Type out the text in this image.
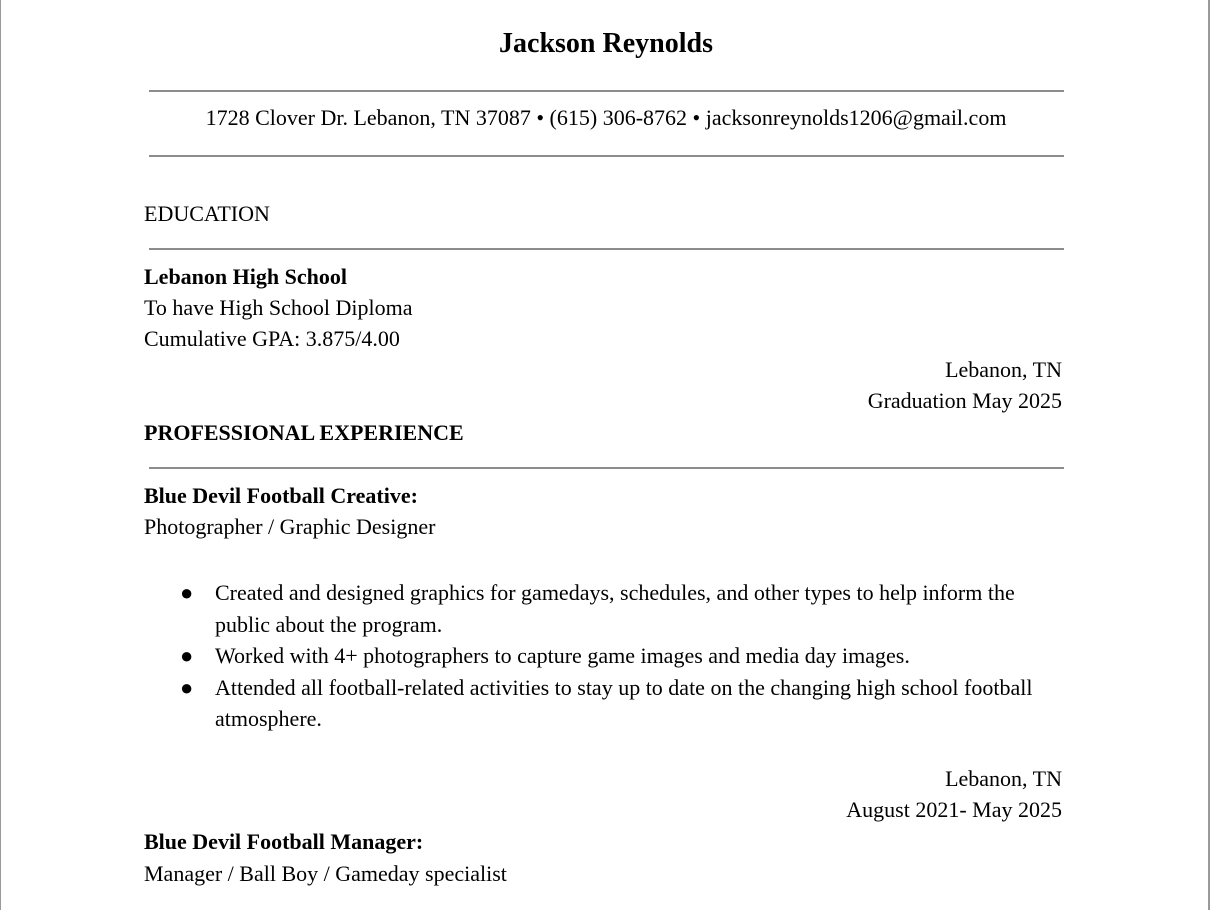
Jackson Reynolds
1728 Clover Dr. Lebanon, TN 37087 • (615) 306-8762 • jacksonreynolds1206@gmail.com
EDUCATION
Lebanon High School
To have High School Diploma
Cumulative GPA: 3.875/4.00
Lebanon, TN
Graduation May 2025
PROFESSIONAL EXPERIENCE
Blue Devil Football Creative:
Photographer / Graphic Designer
● Created and designed graphics for gamedays, schedules, and other types to help inform the public about the program.
● Worked with 4+ photographers to capture game images and media day images.
● Attended all football-related activities to stay up to date on the changing high school football atmosphere.
Lebanon, TN
August 2021- May 2025
Blue Devil Football Manager:
Manager / Ball Boy / Gameday specialist
